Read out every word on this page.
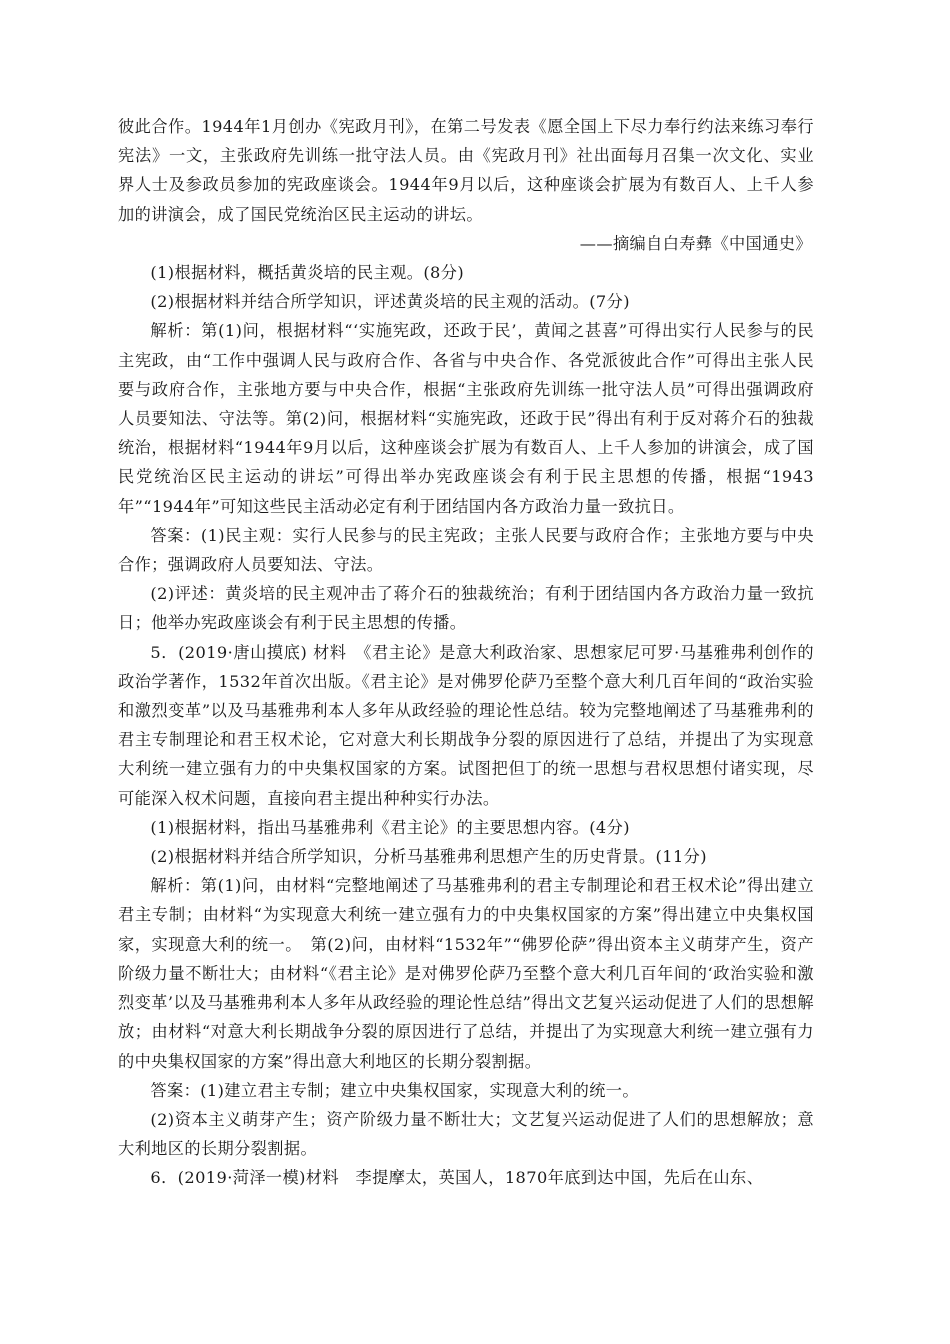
彼此合作。1944年1月创办《宪政月刊》，在第二号发表《愿全国上下尽力奉行约法来练习奉行宪法》一文，主张政府先训练一批守法人员。由《宪政月刊》社出面每月召集一次文化、实业界人士及参政员参加的宪政座谈会。1944年9月以后，这种座谈会扩展为有数百人、上千人参加的讲演会，成了国民党统治区民主运动的讲坛。

——摘编自白寿彝《中国通史》

(1)根据材料，概括黄炎培的民主观。(8分)

(2)根据材料并结合所学知识，评述黄炎培的民主观的活动。(7分)

解析：第(1)问，根据材料“‘实施宪政，还政于民’，黄闻之甚喜”可得出实行人民参与的民主宪政，由“工作中强调人民与政府合作、各省与中央合作、各党派彼此合作”可得出主张人民要与政府合作，主张地方要与中央合作，根据“主张政府先训练一批守法人员”可得出强调政府人员要知法、守法等。第(2)问，根据材料“实施宪政，还政于民”得出有利于反对蒋介石的独裁统治，根据材料“1944年9月以后，这种座谈会扩展为有数百人、上千人参加的讲演会，成了国民党统治区民主运动的讲坛”可得出举办宪政座谈会有利于民主思想的传播，根据“1943年”“1944年”可知这些民主活动必定有利于团结国内各方政治力量一致抗日。

答案：(1)民主观：实行人民参与的民主宪政；主张人民要与政府合作；主张地方要与中央合作；强调政府人员要知法、守法。

(2)评述：黄炎培的民主观冲击了蒋介石的独裁统治；有利于团结国内各方政治力量一致抗日；他举办宪政座谈会有利于民主思想的传播。

5．(2019·唐山摸底) 材料　《君主论》是意大利政治家、思想家尼可罗·马基雅弗利创作的政治学著作，1532年首次出版。《君主论》是对佛罗伦萨乃至整个意大利几百年间的“政治实验和激烈变革”以及马基雅弗利本人多年从政经验的理论性总结。较为完整地阐述了马基雅弗利的君主专制理论和君王权术论，它对意大利长期战争分裂的原因进行了总结，并提出了为实现意大利统一建立强有力的中央集权国家的方案。试图把但丁的统一思想与君权思想付诸实现，尽可能深入权术问题，直接向君主提出种种实行办法。

(1)根据材料，指出马基雅弗利《君主论》的主要思想内容。(4分)

(2)根据材料并结合所学知识，分析马基雅弗利思想产生的历史背景。(11分)

解析：第(1)问，由材料“完整地阐述了马基雅弗利的君主专制理论和君王权术论”得出建立君主专制；由材料“为实现意大利统一建立强有力的中央集权国家的方案”得出建立中央集权国家，实现意大利的统一。　第(2)问，由材料“1532年”“佛罗伦萨”得出资本主义萌芽产生，资产阶级力量不断壮大；由材料“《君主论》是对佛罗伦萨乃至整个意大利几百年间的‘政治实验和激烈变革’以及马基雅弗利本人多年从政经验的理论性总结”得出文艺复兴运动促进了人们的思想解放；由材料“对意大利长期战争分裂的原因进行了总结，并提出了为实现意大利统一建立强有力的中央集权国家的方案”得出意大利地区的长期分裂割据。

答案：(1)建立君主专制；建立中央集权国家，实现意大利的统一。

(2)资本主义萌芽产生；资产阶级力量不断壮大；文艺复兴运动促进了人们的思想解放；意大利地区的长期分裂割据。

6．(2019·菏泽一模)材料　李提摩太，英国人，1870年底到达中国，先后在山东、
